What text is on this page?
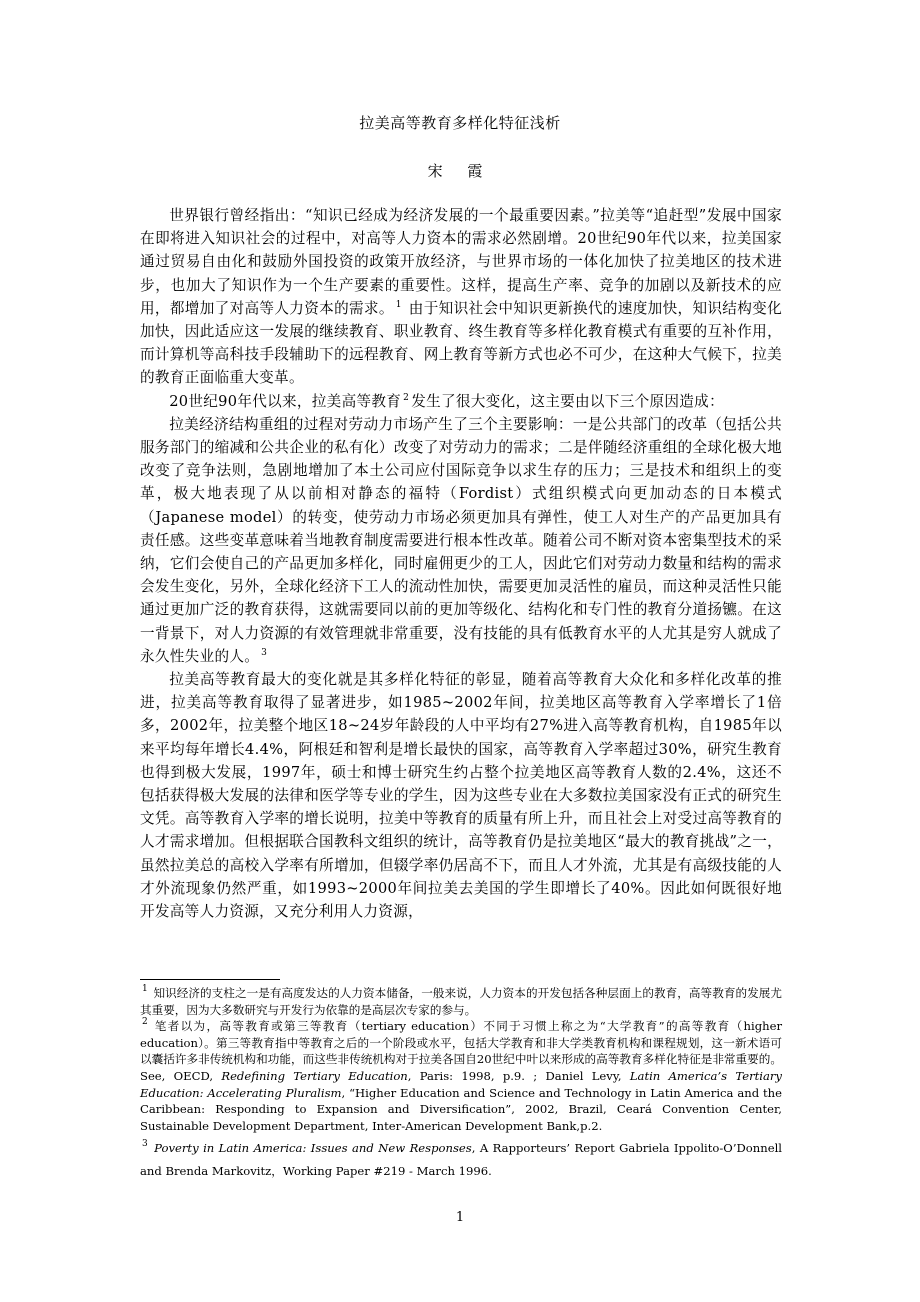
拉美高等教育多样化特征浅析
宋 霞

世界银行曾经指出：“知识已经成为经济发展的一个最重要因素。”拉美等“追赶型”发展中国家在即将进入知识社会的过程中，对高等人力资本的需求必然剧增。20世纪90年代以来，拉美国家通过贸易自由化和鼓励外国投资的政策开放经济，与世界市场的一体化加快了拉美地区的技术进步，也加大了知识作为一个生产要素的重要性。这样，提高生产率、竞争的加剧以及新技术的应用，都增加了对高等人力资本的需求。 $^1$ 由于知识社会中知识更新换代的速度加快，知识结构变化加快，因此适应这一发展的继续教育、职业教育、终生教育等多样化教育模式有重要的互补作用，而计算机等高科技手段辅助下的远程教育、网上教育等新方式也必不可少，在这种大气候下，拉美的教育正面临重大变革。

20世纪90年代以来，拉美高等教育 $^2$ 发生了很大变化，这主要由以下三个原因造成：

拉美经济结构重组的过程对劳动力市场产生了三个主要影响：一是公共部门的改革（包括公共服务部门的缩减和公共企业的私有化）改变了对劳动力的需求；二是伴随经济重组的全球化极大地改变了竞争法则，急剧地增加了本土公司应付国际竞争以求生存的压力；三是技术和组织上的变革，极大地表现了从以前相对静态的福特（Fordist）式组织模式向更加动态的日本模式（Japanese model）的转变，使劳动力市场必须更加具有弹性，使工人对生产的产品更加具有责任感。这些变革意味着当地教育制度需要进行根本性改革。随着公司不断对资本密集型技术的采纳，它们会使自己的产品更加多样化，同时雇佣更少的工人，因此它们对劳动力数量和结构的需求会发生变化，另外，全球化经济下工人的流动性加快，需要更加灵活性的雇员，而这种灵活性只能通过更加广泛的教育获得，这就需要同以前的更加等级化、结构化和专门性的教育分道扬镳。在这一背景下，对人力资源的有效管理就非常重要，没有技能的具有低教育水平的人尤其是穷人就成了永久性失业的人。 $^3$

拉美高等教育最大的变化就是其多样化特征的彰显，随着高等教育大众化和多样化改革的推进，拉美高等教育取得了显著进步，如1985~2002年间，拉美地区高等教育入学率增长了1倍多，2002年，拉美整个地区18~24岁年龄段的人中平均有27%进入高等教育机构，自1985年以来平均每年增长4.4%，阿根廷和智利是增长最快的国家，高等教育入学率超过30%，研究生教育也得到极大发展，1997年，硕士和博士研究生约占整个拉美地区高等教育人数的2.4%，这还不包括获得极大发展的法律和医学等专业的学生，因为这些专业在大多数拉美国家没有正式的研究生文凭。高等教育入学率的增长说明，拉美中等教育的质量有所上升，而且社会上对受过高等教育的人才需求增加。但根据联合国教科文组织的统计，高等教育仍是拉美地区“最大的教育挑战”之一，虽然拉美总的高校入学率有所增加，但辍学率仍居高不下，而且人才外流，尤其是有高级技能的人才外流现象仍然严重，如1993~2000年间拉美去美国的学生即增长了40%。因此如何既很好地开发高等人力资源，又充分利用人力资源，

$^1$ 知识经济的支柱之一是有高度发达的人力资本储备，一般来说，人力资本的开发包括各种层面上的教育，高等教育的发展尤其重要，因为大多数研究与开发行为依靠的是高层次专家的参与。

$^2$ 笔者以为，高等教育或第三等教育（tertiary education）不同于习惯上称之为“大学教育”的高等教育（higher education）。第三等教育指中等教育之后的一个阶段或水平，包括大学教育和非大学类教育机构和课程规划，这一新术语可以囊括许多非传统机构和功能，而这些非传统机构对于拉美各国自20世纪中叶以来形成的高等教育多样化特征是非常重要的。See, OECD, Redefining Tertiary Education, Paris: 1998, p.9. ; Daniel Levy, Latin America’s Tertiary Education: Accelerating Pluralism, “Higher Education and Science and Technology in Latin America and the Caribbean: Responding to Expansion and Diversification”, 2002, Brazil, Ceará Convention Center, Sustainable Development Department, Inter-American Development Bank,p.2.

$^3$ Poverty in Latin America: Issues and New Responses, A Rapporteurs’ Report Gabriela Ippolito-O’Donnell and Brenda Markovitz，Working Paper #219 - March 1996.

1
